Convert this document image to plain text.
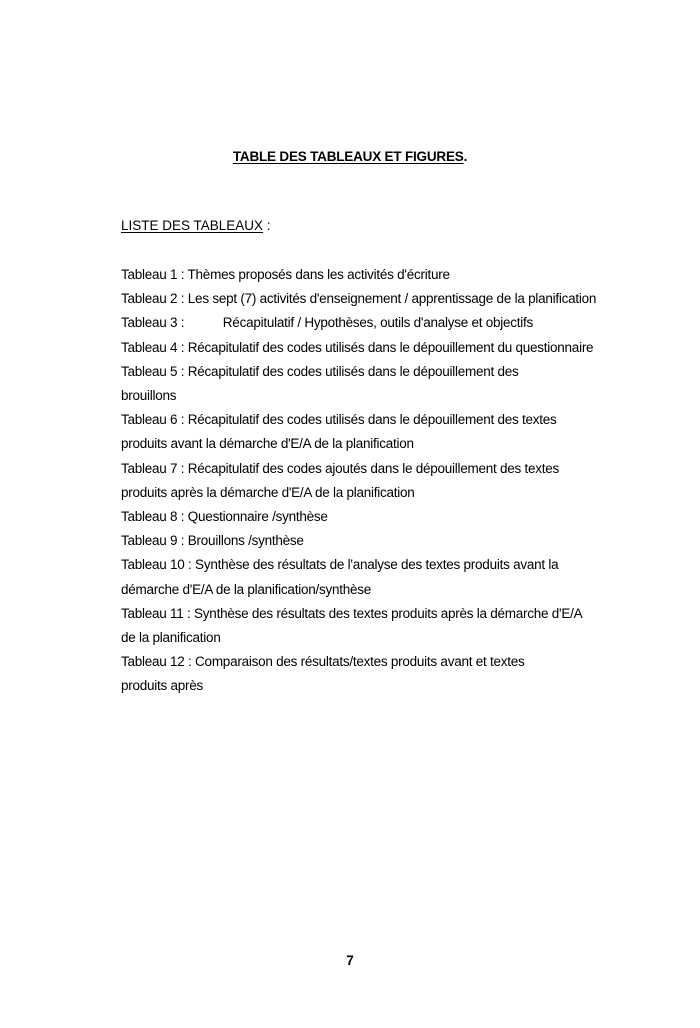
TABLE DES TABLEAUX ET FIGURES.
LISTE DES TABLEAUX :
Tableau 1 : Thèmes proposés dans les activités d'écriture
Tableau 2 : Les sept (7) activités d'enseignement / apprentissage de la planification
Tableau 3 :           Récapitulatif / Hypothèses, outils d'analyse et objectifs
Tableau 4 : Récapitulatif des codes utilisés dans le dépouillement du questionnaire
Tableau 5 : Récapitulatif des codes utilisés dans le dépouillement des brouillons
Tableau 6 : Récapitulatif des codes utilisés dans le dépouillement des textes produits avant la démarche d'E/A de la planification
Tableau 7 : Récapitulatif des codes ajoutés dans le dépouillement des textes produits après la démarche d'E/A de la planification
Tableau 8 : Questionnaire /synthèse
Tableau 9 : Brouillons /synthèse
Tableau 10 : Synthèse des résultats de l'analyse des textes produits avant la démarche d'E/A de la planification/synthèse
Tableau 11 : Synthèse des résultats des textes produits après la démarche d'E/A de la planification
Tableau 12 : Comparaison des résultats/textes produits avant et textes produits après
7
